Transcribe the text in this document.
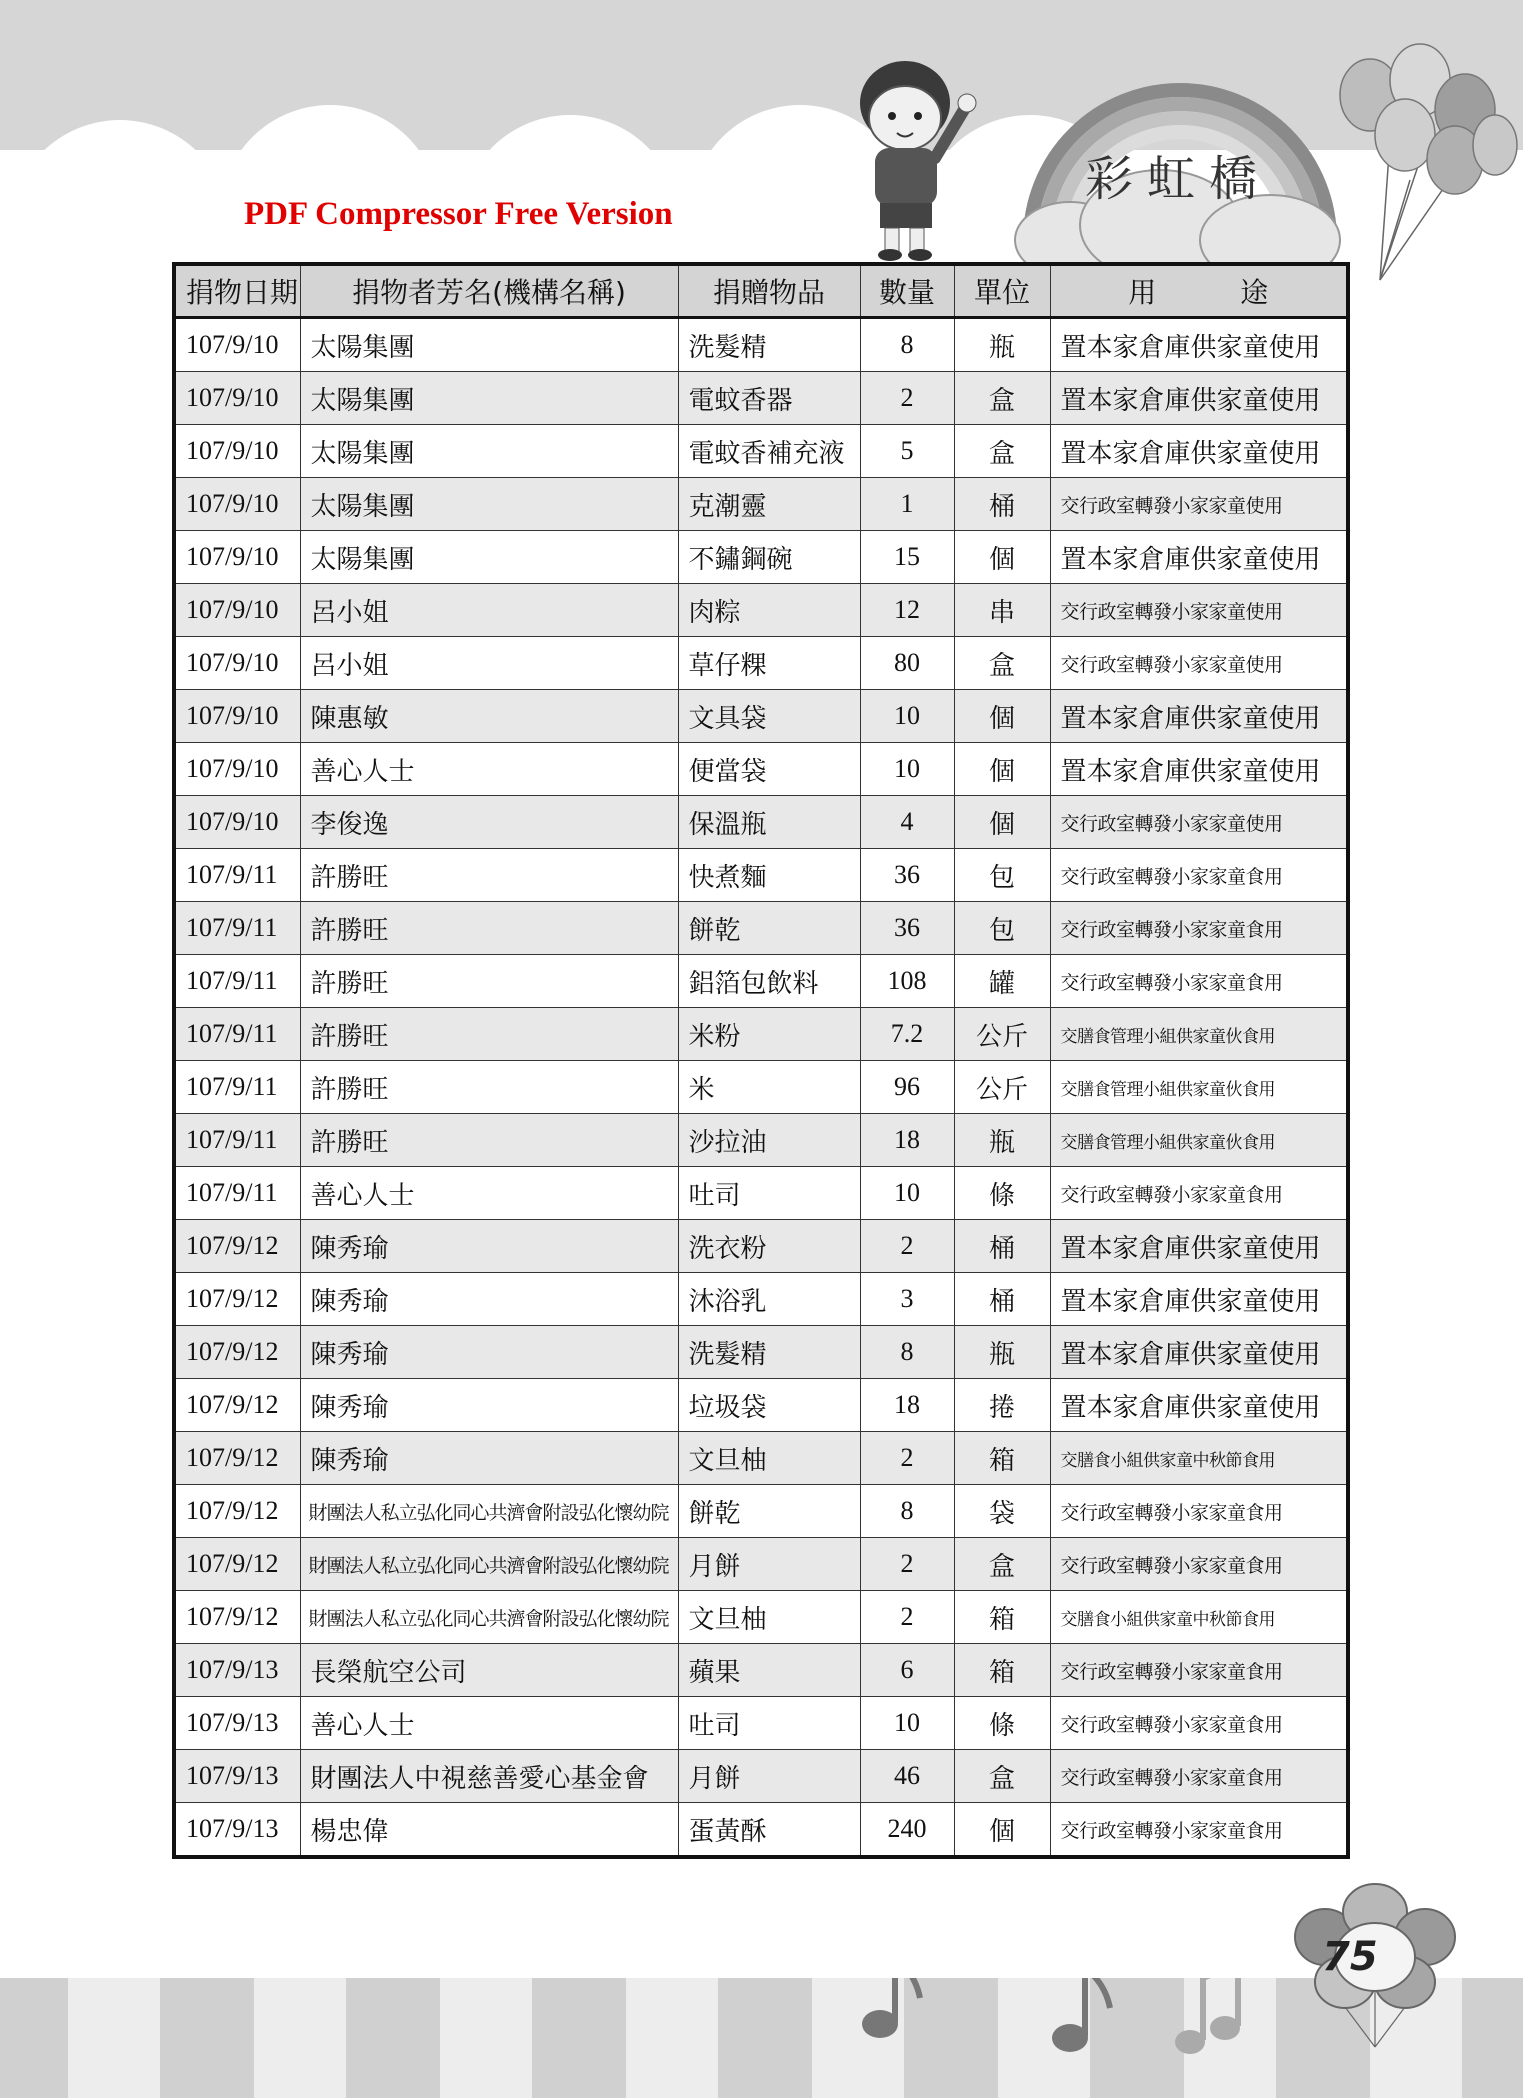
PDF Compressor Free Version
彩虹橋
捐物日期	捐物者芳名(機構名稱)	捐贈物品	數量	單位	用　　　途
107/9/10	太陽集團	洗髮精	8	瓶	置本家倉庫供家童使用
107/9/10	太陽集團	電蚊香器	2	盒	置本家倉庫供家童使用
107/9/10	太陽集團	電蚊香補充液	5	盒	置本家倉庫供家童使用
107/9/10	太陽集團	克潮靈	1	桶	交行政室轉發小家家童使用
107/9/10	太陽集團	不鏽鋼碗	15	個	置本家倉庫供家童使用
107/9/10	呂小姐	肉粽	12	串	交行政室轉發小家家童使用
107/9/10	呂小姐	草仔粿	80	盒	交行政室轉發小家家童使用
107/9/10	陳惠敏	文具袋	10	個	置本家倉庫供家童使用
107/9/10	善心人士	便當袋	10	個	置本家倉庫供家童使用
107/9/10	李俊逸	保溫瓶	4	個	交行政室轉發小家家童使用
107/9/11	許勝旺	快煮麵	36	包	交行政室轉發小家家童食用
107/9/11	許勝旺	餅乾	36	包	交行政室轉發小家家童食用
107/9/11	許勝旺	鋁箔包飲料	108	罐	交行政室轉發小家家童食用
107/9/11	許勝旺	米粉	7.2	公斤	交膳食管理小組供家童伙食用
107/9/11	許勝旺	米	96	公斤	交膳食管理小組供家童伙食用
107/9/11	許勝旺	沙拉油	18	瓶	交膳食管理小組供家童伙食用
107/9/11	善心人士	吐司	10	條	交行政室轉發小家家童食用
107/9/12	陳秀瑜	洗衣粉	2	桶	置本家倉庫供家童使用
107/9/12	陳秀瑜	沐浴乳	3	桶	置本家倉庫供家童使用
107/9/12	陳秀瑜	洗髮精	8	瓶	置本家倉庫供家童使用
107/9/12	陳秀瑜	垃圾袋	18	捲	置本家倉庫供家童使用
107/9/12	陳秀瑜	文旦柚	2	箱	交膳食小組供家童中秋節食用
107/9/12	財團法人私立弘化同心共濟會附設弘化懷幼院	餅乾	8	袋	交行政室轉發小家家童食用
107/9/12	財團法人私立弘化同心共濟會附設弘化懷幼院	月餅	2	盒	交行政室轉發小家家童食用
107/9/12	財團法人私立弘化同心共濟會附設弘化懷幼院	文旦柚	2	箱	交膳食小組供家童中秋節食用
107/9/13	長榮航空公司	蘋果	6	箱	交行政室轉發小家家童食用
107/9/13	善心人士	吐司	10	條	交行政室轉發小家家童食用
107/9/13	財團法人中視慈善愛心基金會	月餅	46	盒	交行政室轉發小家家童食用
107/9/13	楊忠偉	蛋黃酥	240	個	交行政室轉發小家家童食用
75
